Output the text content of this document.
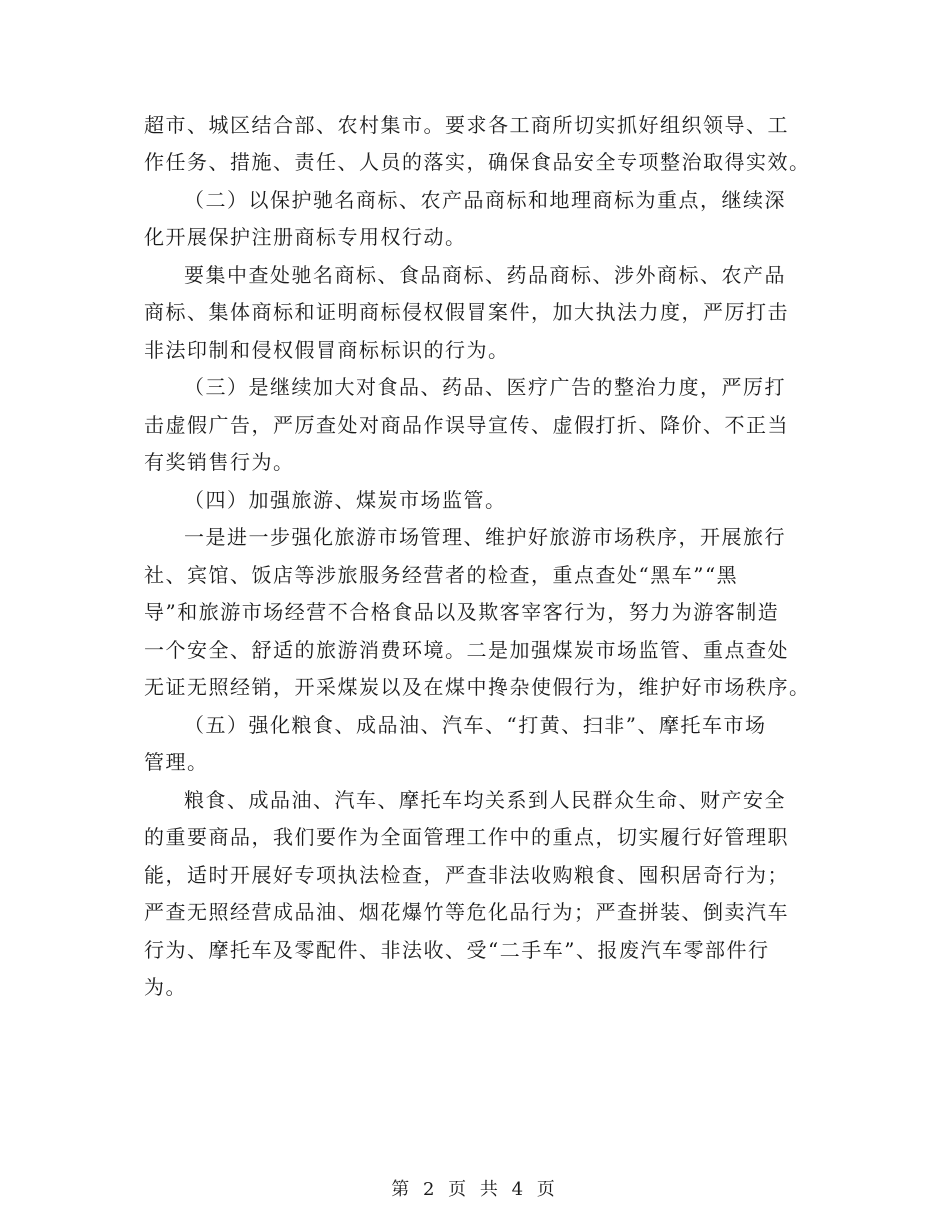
超市、城区结合部、农村集市。要求各工商所切实抓好组织领导、工
作任务、措施、责任、人员的落实，确保食品安全专项整治取得实效。
（二）以保护驰名商标、农产品商标和地理商标为重点，继续深
化开展保护注册商标专用权行动。
要集中查处驰名商标、食品商标、药品商标、涉外商标、农产品
商标、集体商标和证明商标侵权假冒案件，加大执法力度，严厉打击
非法印制和侵权假冒商标标识的行为。
（三）是继续加大对食品、药品、医疗广告的整治力度，严厉打
击虚假广告，严厉查处对商品作误导宣传、虚假打折、降价、不正当
有奖销售行为。
（四）加强旅游、煤炭市场监管。
一是进一步强化旅游市场管理、维护好旅游市场秩序，开展旅行
社、宾馆、饭店等涉旅服务经营者的检查，重点查处“黑车”“黑
导”和旅游市场经营不合格食品以及欺客宰客行为，努力为游客制造
一个安全、舒适的旅游消费环境。二是加强煤炭市场监管、重点查处
无证无照经销，开采煤炭以及在煤中搀杂使假行为，维护好市场秩序。
（五）强化粮食、成品油、汽车、“打黄、扫非”、摩托车市场
管理。
粮食、成品油、汽车、摩托车均关系到人民群众生命、财产安全
的重要商品，我们要作为全面管理工作中的重点，切实履行好管理职
能，适时开展好专项执法检查，严查非法收购粮食、囤积居奇行为；
严查无照经营成品油、烟花爆竹等危化品行为；严查拼装、倒卖汽车
行为、摩托车及零配件、非法收、受“二手车”、报废汽车零部件行
为。
第 2 页 共 4 页
